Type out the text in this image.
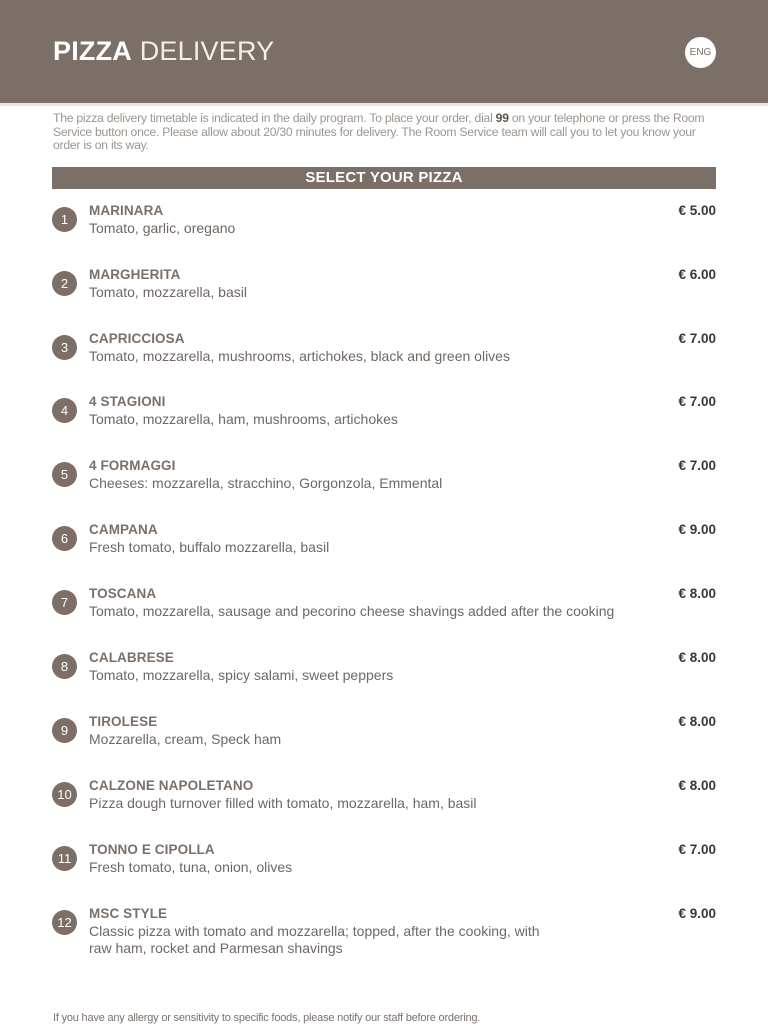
PIZZA DELIVERY	ENG
The pizza delivery timetable is indicated in the daily program. To place your order, dial 99 on your telephone or press the Room Service button once. Please allow about 20/30 minutes for delivery. The Room Service team will call you to let you know your order is on its way.
SELECT YOUR PIZZA
1
MARINARA
Tomato, garlic, oregano
€ 5.00
2
MARGHERITA
Tomato, mozzarella, basil
€ 6.00
3
CAPRICCIOSA
Tomato, mozzarella, mushrooms, artichokes, black and green olives
€ 7.00
4
4 STAGIONI
Tomato, mozzarella, ham, mushrooms, artichokes
€ 7.00
5
4 FORMAGGI
Cheeses: mozzarella, stracchino, Gorgonzola, Emmental
€ 7.00
6
CAMPANA
Fresh tomato, buffalo mozzarella, basil
€ 9.00
7
TOSCANA
Tomato, mozzarella, sausage and pecorino cheese shavings added after the cooking
€ 8.00
8
CALABRESE
Tomato, mozzarella, spicy salami, sweet peppers
€ 8.00
9
TIROLESE
Mozzarella, cream, Speck ham
€ 8.00
10
CALZONE NAPOLETANO
Pizza dough turnover filled with tomato, mozzarella, ham, basil
€ 8.00
11
TONNO E CIPOLLA
Fresh tomato, tuna, onion, olives
€ 7.00
12
MSC STYLE
Classic pizza with tomato and mozzarella; topped, after the cooking, with raw ham, rocket and Parmesan shavings
€ 9.00
If you have any allergy or sensitivity to specific foods, please notify our staff before ordering.
